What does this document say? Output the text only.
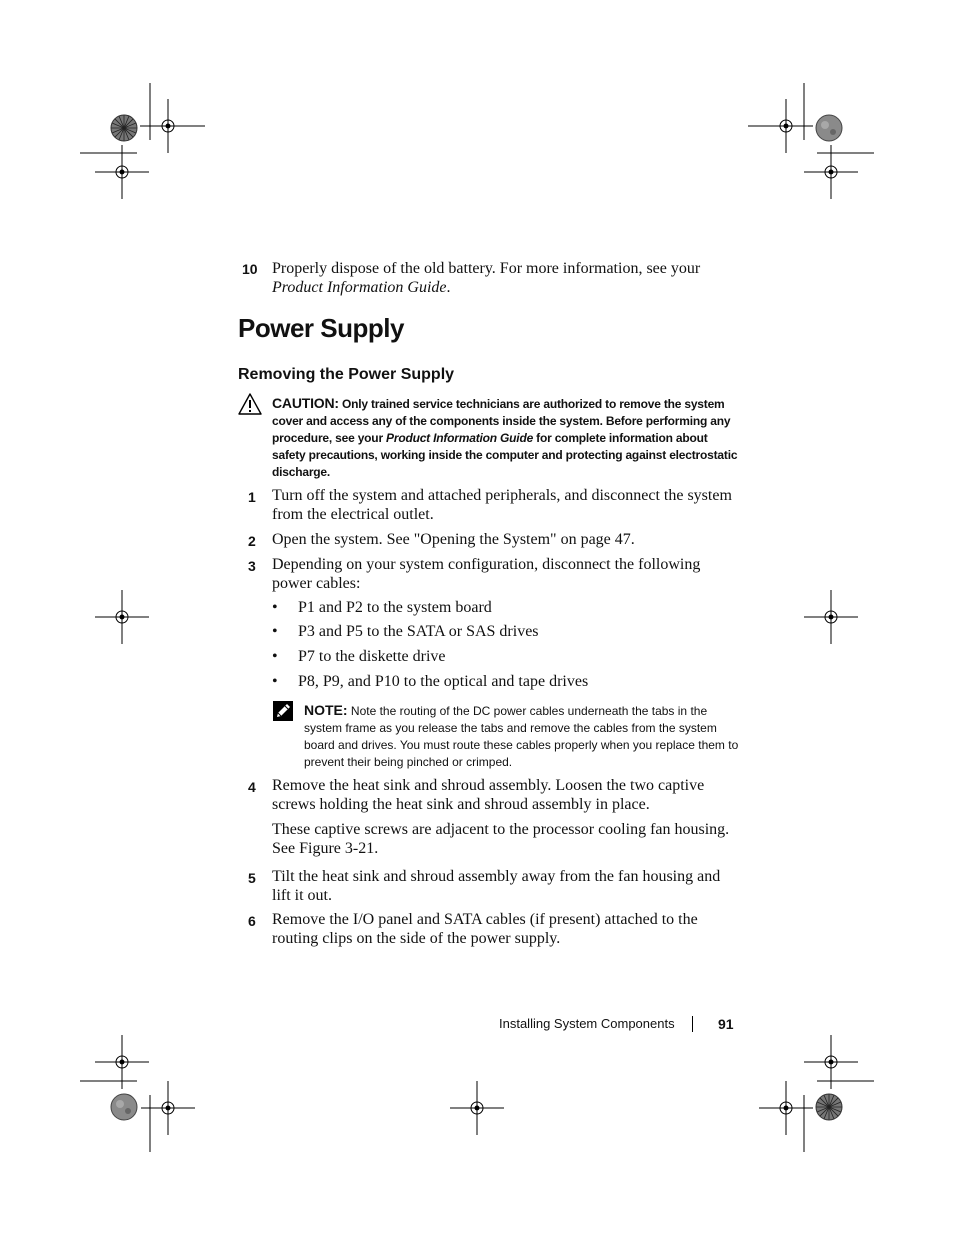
10 Properly dispose of the old battery. For more information, see your Product Information Guide.
Power Supply
Removing the Power Supply
CAUTION: Only trained service technicians are authorized to remove the system cover and access any of the components inside the system. Before performing any procedure, see your Product Information Guide for complete information about safety precautions, working inside the computer and protecting against electrostatic discharge.
1 Turn off the system and attached peripherals, and disconnect the system from the electrical outlet.
2 Open the system. See "Opening the System" on page 47.
3 Depending on your system configuration, disconnect the following power cables:
• P1 and P2 to the system board
• P3 and P5 to the SATA or SAS drives
• P7 to the diskette drive
• P8, P9, and P10 to the optical and tape drives
NOTE: Note the routing of the DC power cables underneath the tabs in the system frame as you release the tabs and remove the cables from the system board and drives. You must route these cables properly when you replace them to prevent their being pinched or crimped.
4 Remove the heat sink and shroud assembly. Loosen the two captive screws holding the heat sink and shroud assembly in place.
These captive screws are adjacent to the processor cooling fan housing. See Figure 3-21.
5 Tilt the heat sink and shroud assembly away from the fan housing and lift it out.
6 Remove the I/O panel and SATA cables (if present) attached to the routing clips on the side of the power supply.
Installing System Components	91
